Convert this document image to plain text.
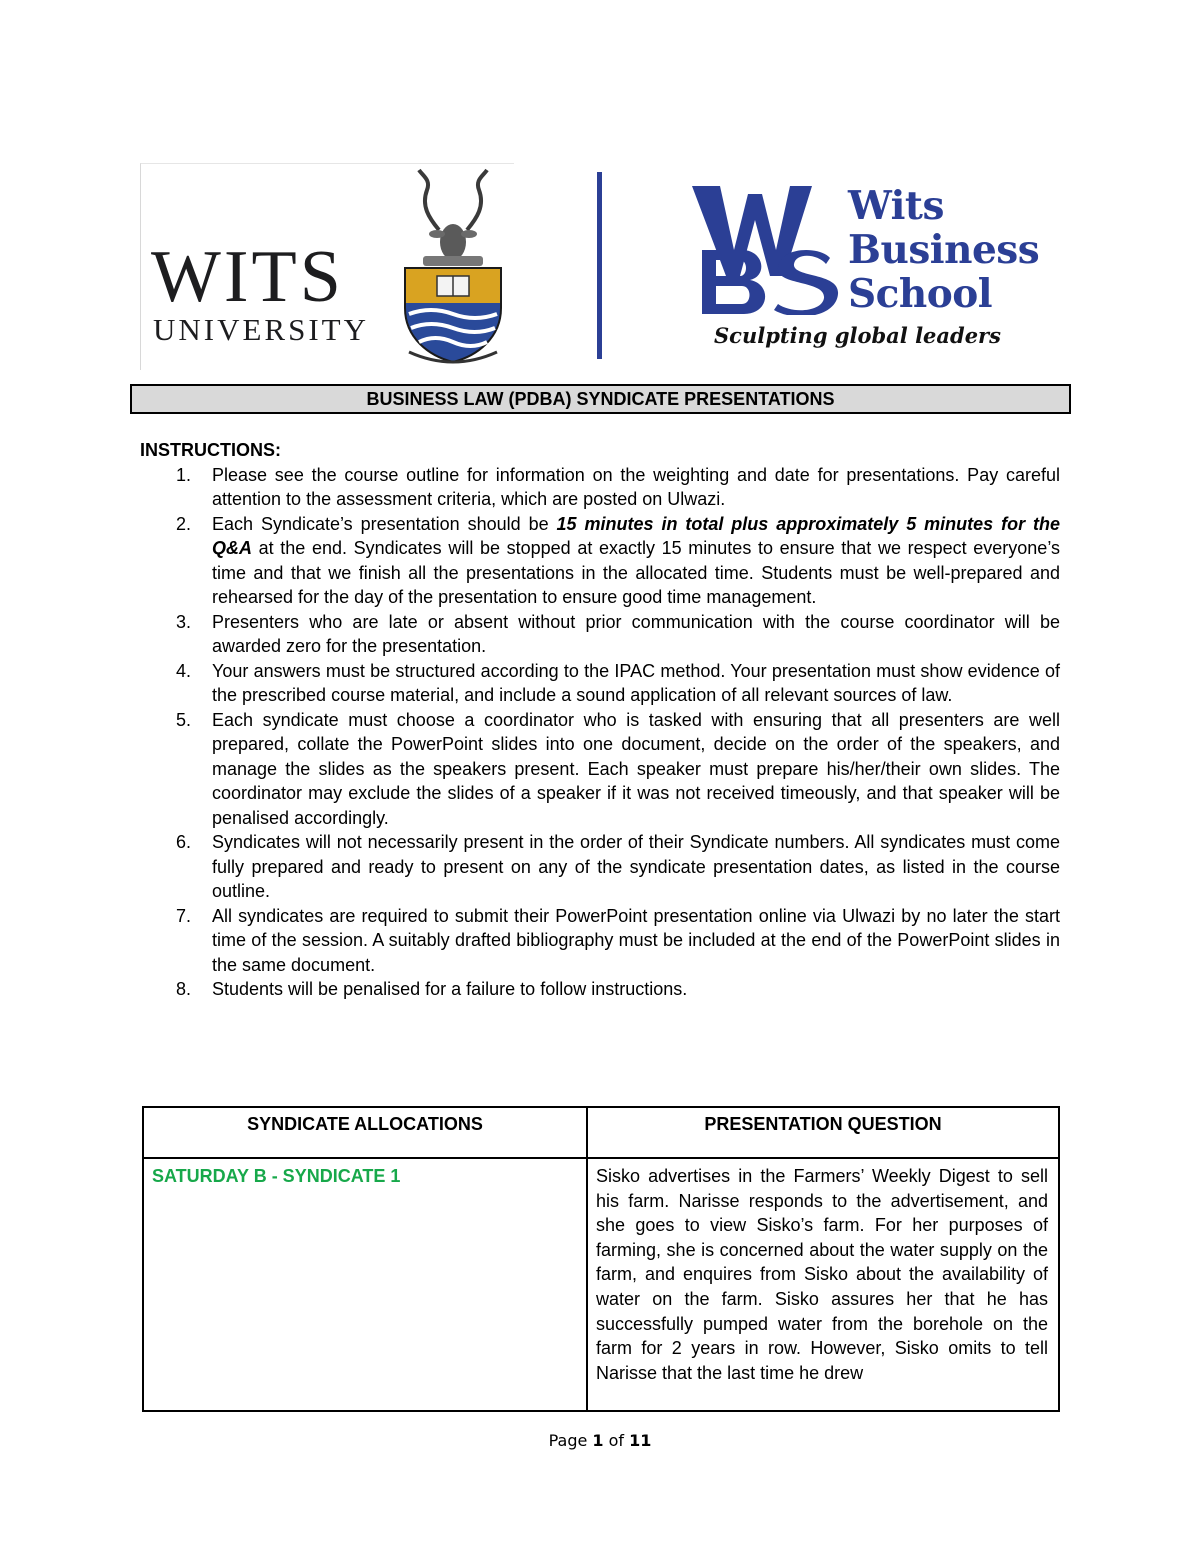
WITS
UNIVERSITY
Wits
Business
School
Sculpting global leaders
BUSINESS LAW (PDBA) SYNDICATE PRESENTATIONS

INSTRUCTIONS:

1. Please see the course outline for information on the weighting and date for presentations. Pay careful attention to the assessment criteria, which are posted on Ulwazi.
2. Each Syndicate’s presentation should be 15 minutes in total plus approximately 5 minutes for the Q&A at the end. Syndicates will be stopped at exactly 15 minutes to ensure that we respect everyone’s time and that we finish all the presentations in the allocated time. Students must be well-prepared and rehearsed for the day of the presentation to ensure good time management.
3. Presenters who are late or absent without prior communication with the course coordinator will be awarded zero for the presentation.
4. Your answers must be structured according to the IPAC method. Your presentation must show evidence of the prescribed course material, and include a sound application of all relevant sources of law.
5. Each syndicate must choose a coordinator who is tasked with ensuring that all presenters are well prepared, collate the PowerPoint slides into one document, decide on the order of the speakers, and manage the slides as the speakers present. Each speaker must prepare his/her/their own slides. The coordinator may exclude the slides of a speaker if it was not received timeously, and that speaker will be penalised accordingly.
6. Syndicates will not necessarily present in the order of their Syndicate numbers. All syndicates must come fully prepared and ready to present on any of the syndicate presentation dates, as listed in the course outline.
7. All syndicates are required to submit their PowerPoint presentation online via Ulwazi by no later the start time of the session. A suitably drafted bibliography must be included at the end of the PowerPoint slides in the same document.
8. Students will be penalised for a failure to follow instructions.
SYNDICATE ALLOCATIONS	PRESENTATION QUESTION

SATURDAY B - SYNDICATE 1	Sisko advertises in the Farmers’ Weekly Digest to sell his farm. Narisse responds to the advertisement, and she goes to view Sisko’s farm. For her purposes of farming, she is concerned about the water supply on the farm, and enquires from Sisko about the availability of water on the farm. Sisko assures her that he has successfully pumped water from the borehole on the farm for 2 years in row. However, Sisko omits to tell Narisse that the last time he drew
Page 1 of 11
